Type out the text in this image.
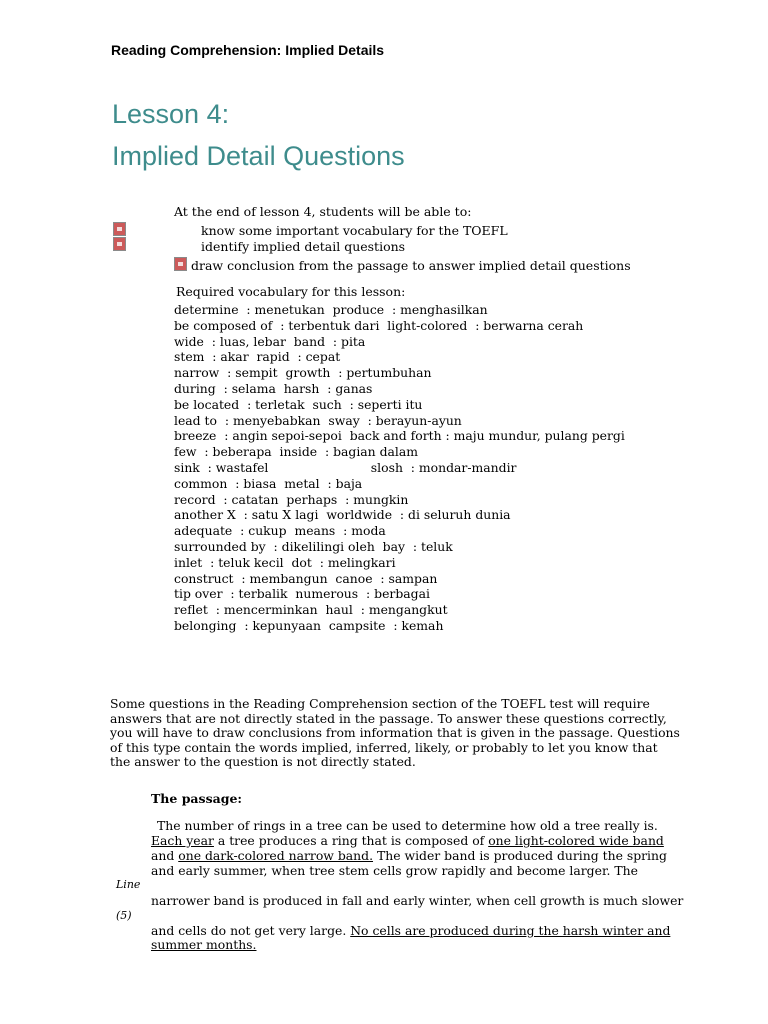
Reading Comprehension: Implied Details
Lesson 4:
Implied Detail Questions
At the end of lesson 4, students will be able to:
know some important vocabulary for the TOEFL
identify implied detail questions
draw conclusion from the passage to answer implied detail questions
Required vocabulary for this lesson:
determine  : menetukan  produce  : menghasilkan
be composed of  : terbentuk dari  light-colored  : berwarna cerah
wide  : luas, lebar  band  : pita
stem  : akar  rapid  : cepat
narrow  : sempit  growth  : pertumbuhan
during  : selama  harsh  : ganas
be located  : terletak  such  : seperti itu
lead to  : menyebabkan  sway  : berayun-ayun
breeze  : angin sepoi-sepoi  back and forth : maju mundur, pulang pergi
few  : beberapa  inside  : bagian dalam
sink  : wastafel                          slosh  : mondar-mandir
common  : biasa  metal  : baja
record  : catatan  perhaps  : mungkin
another X  : satu X lagi  worldwide  : di seluruh dunia
adequate  : cukup  means  : moda
surrounded by  : dikelilingi oleh  bay  : teluk
inlet  : teluk kecil  dot  : melingkari
construct  : membangun  canoe  : sampan
tip over  : terbalik  numerous  : berbagai
reflet  : mencerminkan  haul  : mengangkut
belonging  : kepunyaan  campsite  : kemah
Some questions in the Reading Comprehension section of the TOEFL test will require answers that are not directly stated in the passage. To answer these questions correctly, you will have to draw conclusions from information that is given in the passage. Questions of this type contain the words implied, inferred, likely, or probably to let you know that the answer to the question is not directly stated.
The passage:
The number of rings in a tree can be used to determine how old a tree really is.
Each year a tree produces a ring that is composed of one light-colored wide band
and one dark-colored narrow band. The wider band is produced during the spring
and early summer, when tree stem cells grow rapidly and become larger. The
Line
narrower band is produced in fall and early winter, when cell growth is much slower
(5)
and cells do not get very large. No cells are produced during the harsh winter and
summer months.
